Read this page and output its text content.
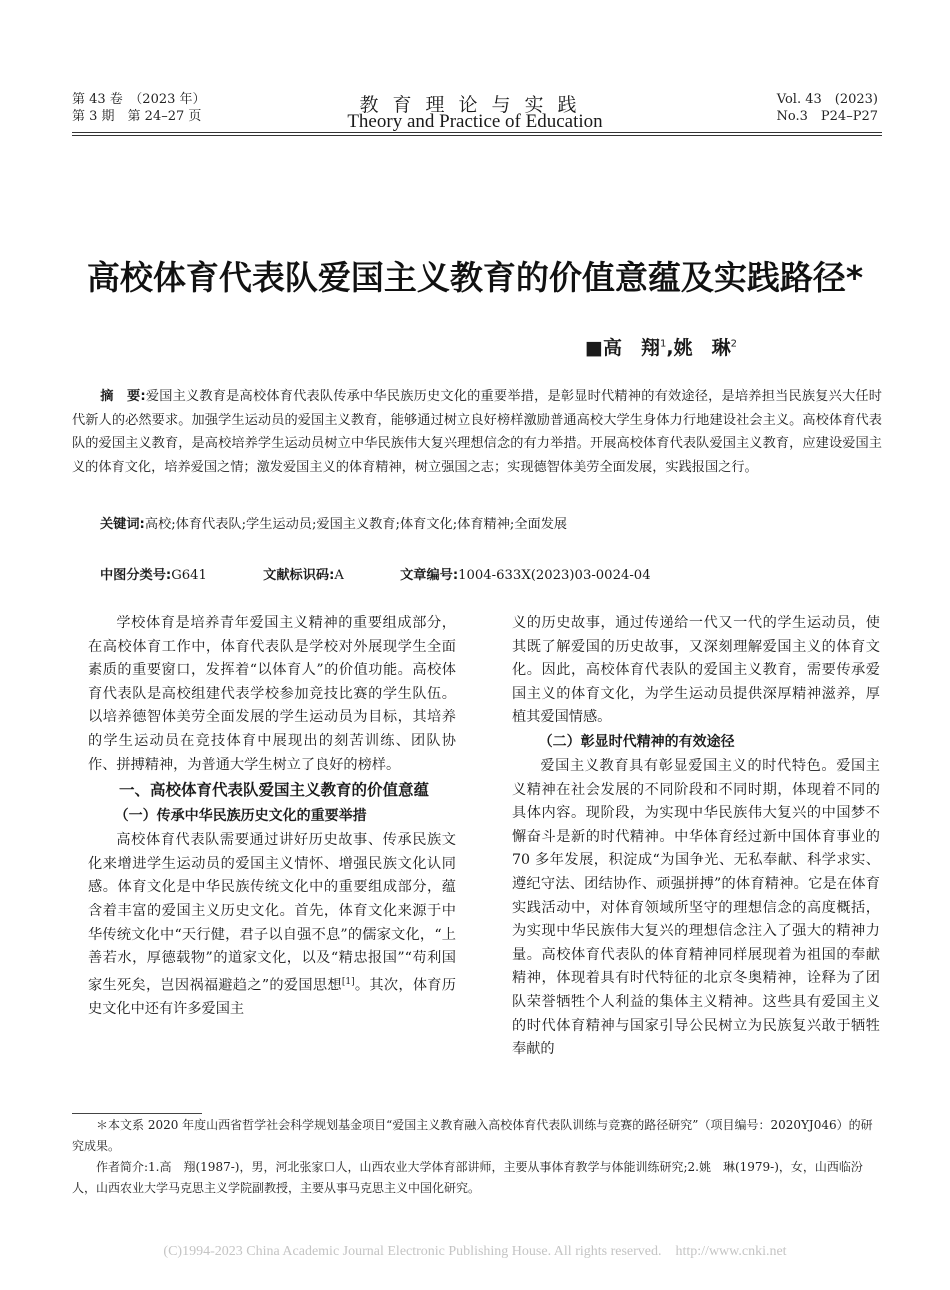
第 43 卷　（2023 年）
第 3 期　第 24–27 页
教育理论与实践
Theory and Practice of Education
Vol. 43　(2023)
No.3　P24–P27
高校体育代表队爱国主义教育的价值意蕴及实践路径*
■高　翔$^1$,姚　琳$^2$
摘　要:爱国主义教育是高校体育代表队传承中华民族历史文化的重要举措，是彰显时代精神的有效途径，是培养担当民族复兴大任时代新人的必然要求。加强学生运动员的爱国主义教育，能够通过树立良好榜样激励普通高校大学生身体力行地建设社会主义。高校体育代表队的爱国主义教育，是高校培养学生运动员树立中华民族伟大复兴理想信念的有力举措。开展高校体育代表队爱国主义教育，应建设爱国主义的体育文化，培养爱国之情；激发爱国主义的体育精神，树立强国之志；实现德智体美劳全面发展，实践报国之行。
关键词:高校;体育代表队;学生运动员;爱国主义教育;体育文化;体育精神;全面发展
中图分类号:G641	文献标识码:A	文章编号:1004-633X(2023)03-0024-04

学校体育是培养青年爱国主义精神的重要组成部分，在高校体育工作中，体育代表队是学校对外展现学生全面素质的重要窗口，发挥着“以体育人”的价值功能。高校体育代表队是高校组建代表学校参加竞技比赛的学生队伍。以培养德智体美劳全面发展的学生运动员为目标，其培养的学生运动员在竞技体育中展现出的刻苦训练、团队协作、拼搏精神，为普通大学生树立了良好的榜样。

一、高校体育代表队爱国主义教育的价值意蕴
（一）传承中华民族历史文化的重要举措

高校体育代表队需要通过讲好历史故事、传承民族文化来增进学生运动员的爱国主义情怀、增强民族文化认同感。体育文化是中华民族传统文化中的重要组成部分，蕴含着丰富的爱国主义历史文化。首先，体育文化来源于中华传统文化中“天行健，君子以自强不息”的儒家文化，“上善若水，厚德载物”的道家文化，以及“精忠报国”“苟利国家生死矣，岂因祸福避趋之”的爱国思想[1]。其次，体育历史文化中还有许多爱国主

义的历史故事，通过传递给一代又一代的学生运动员，使其既了解爱国的历史故事，又深刻理解爱国主义的体育文化。因此，高校体育代表队的爱国主义教育，需要传承爱国主义的体育文化，为学生运动员提供深厚精神滋养，厚植其爱国情感。

（二）彰显时代精神的有效途径

爱国主义教育具有彰显爱国主义的时代特色。爱国主义精神在社会发展的不同阶段和不同时期，体现着不同的具体内容。现阶段，为实现中华民族伟大复兴的中国梦不懈奋斗是新的时代精神。中华体育经过新中国体育事业的 70 多年发展，积淀成“为国争光、无私奉献、科学求实、遵纪守法、团结协作、顽强拼搏”的体育精神。它是在体育实践活动中，对体育领域所坚守的理想信念的高度概括，为实现中华民族伟大复兴的理想信念注入了强大的精神力量。高校体育代表队的体育精神同样展现着为祖国的奉献精神，体现着具有时代特征的北京冬奥精神，诠释为了团队荣誉牺牲个人利益的集体主义精神。这些具有爱国主义的时代体育精神与国家引导公民树立为民族复兴敢于牺牲奉献的

＊本文系 2020 年度山西省哲学社会科学规划基金项目“爱国主义教育融入高校体育代表队训练与竞赛的路径研究”（项目编号：2020YJ046）的研究成果。

作者简介:1.高　翔(1987-)，男，河北张家口人，山西农业大学体育部讲师，主要从事体育教学与体能训练研究;2.姚　琳(1979-)，女，山西临汾人，山西农业大学马克思主义学院副教授，主要从事马克思主义中国化研究。

(C)1994-2023 China Academic Journal Electronic Publishing House. All rights reserved.　http://www.cnki.net
